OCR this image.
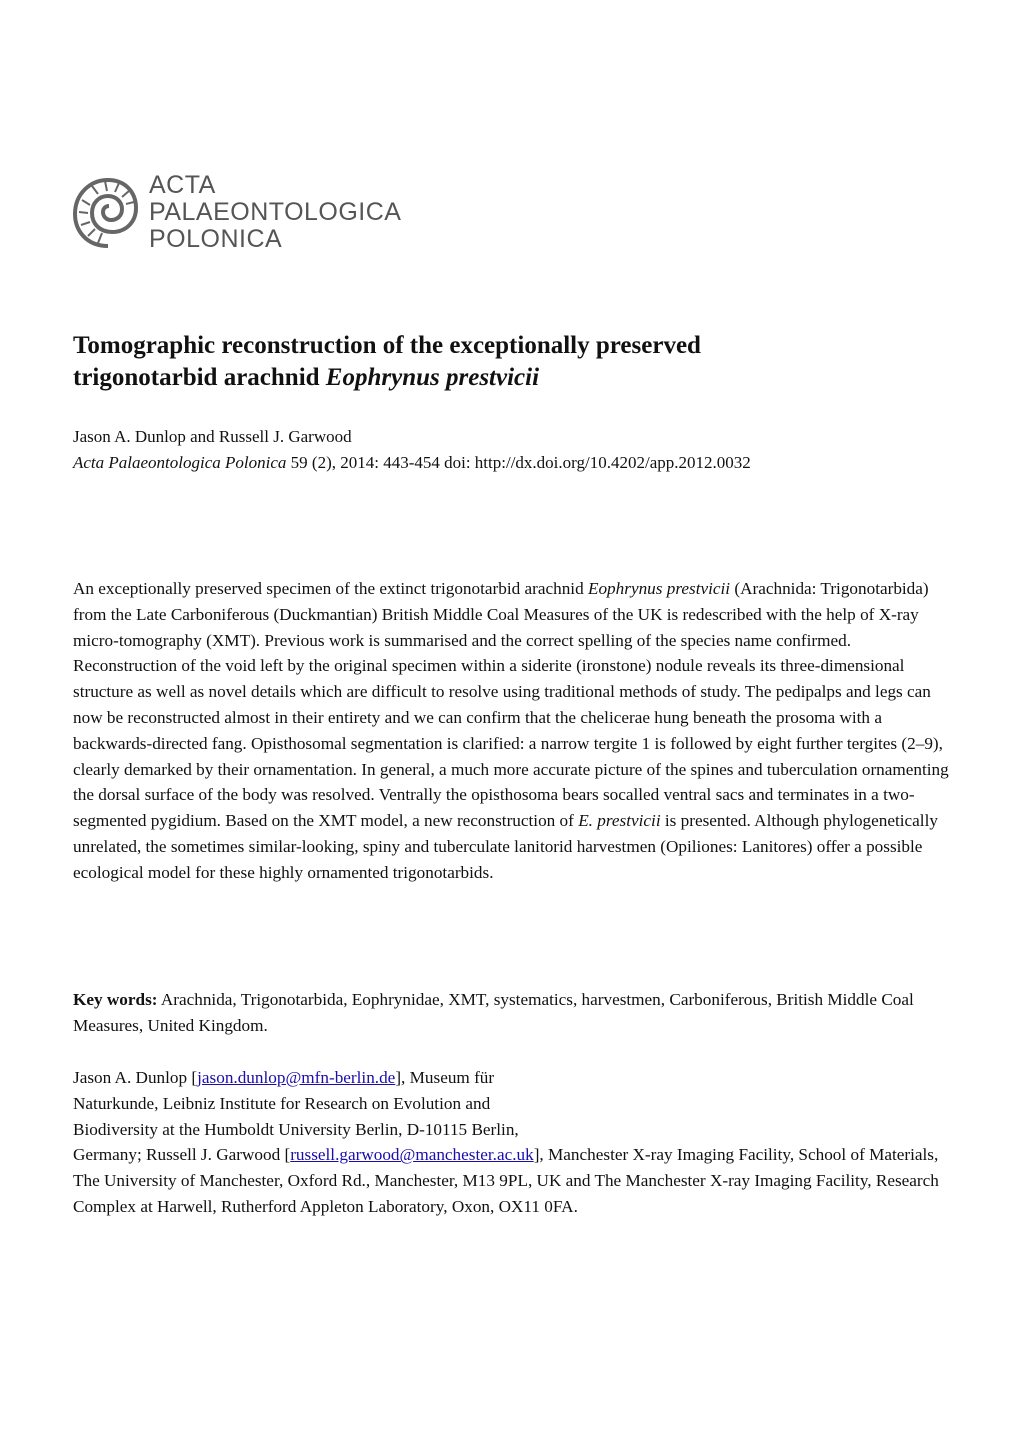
ACTA
PALAEONTOLOGICA
POLONICA
Tomographic reconstruction of the exceptionally preserved
trigonotarbid arachnid Eophrynus prestvicii
Jason A. Dunlop and Russell J. Garwood
Acta Palaeontologica Polonica 59 (2), 2014: 443-454 doi: http://dx.doi.org/10.4202/app.2012.0032

An exceptionally preserved specimen of the extinct trigonotarbid arachnid Eophrynus prestvicii (Arachnida: Trigonotarbida) from the Late Carboniferous (Duckmantian) British Middle Coal Measures of the UK is redescribed with the help of X-ray micro-tomography (XMT). Previous work is summarised and the correct spelling of the species name confirmed. Reconstruction of the void left by the original specimen within a siderite (ironstone) nodule reveals its three-dimensional structure as well as novel details which are difficult to resolve using traditional methods of study. The pedipalps and legs can now be reconstructed almost in their entirety and we can confirm that the chelicerae hung beneath the prosoma with a backwards-directed fang. Opisthosomal segmentation is clarified: a narrow tergite 1 is followed by eight further tergites (2–9), clearly demarked by their ornamentation. In general, a much more accurate picture of the spines and tuberculation ornamenting the dorsal surface of the body was resolved. Ventrally the opisthosoma bears socalled ventral sacs and terminates in a two-segmented pygidium. Based on the XMT model, a new reconstruction of E. prestvicii is presented. Although phylogenetically unrelated, the sometimes similar-looking, spiny and tuberculate lanitorid harvestmen (Opiliones: Lanitores) offer a possible ecological model for these highly ornamented trigonotarbids.

Key words: Arachnida, Trigonotarbida, Eophrynidae, XMT, systematics, harvestmen, Carboniferous, British Middle Coal Measures, United Kingdom.

Jason A. Dunlop [jason.dunlop@mfn-berlin.de], Museum für
Naturkunde, Leibniz Institute for Research on Evolution and
Biodiversity at the Humboldt University Berlin, D-10115 Berlin,
Germany; Russell J. Garwood [russell.garwood@manchester.ac.uk], Manchester X-ray Imaging Facility, School of Materials, The University of Manchester, Oxford Rd., Manchester, M13 9PL, UK and The Manchester X-ray Imaging Facility, Research Complex at Harwell, Rutherford Appleton Laboratory, Oxon, OX11 0FA.
